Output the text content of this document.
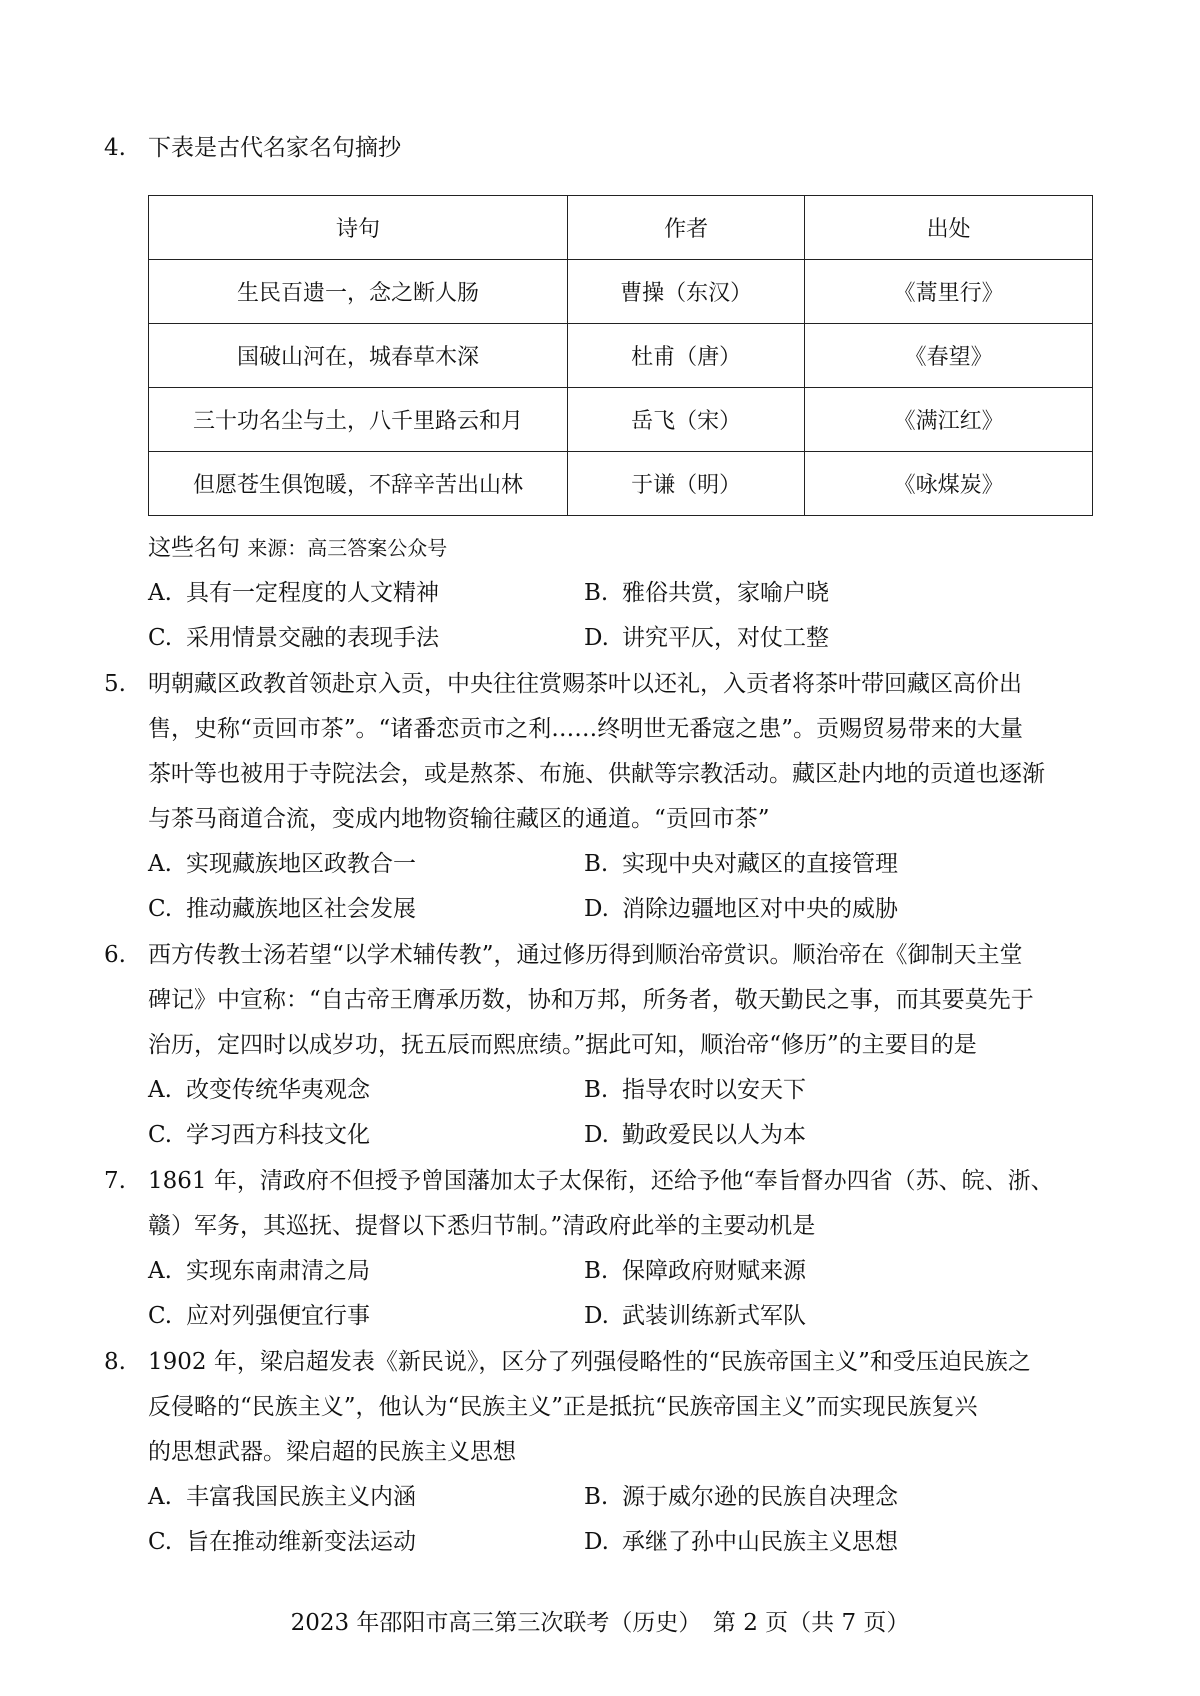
4. 下表是古代名家名句摘抄
诗句	作者	出处
生民百遗一，念之断人肠	曹操（东汉）	《蒿里行》
国破山河在，城春草木深	杜甫（唐）	《春望》
三十功名尘与土，八千里路云和月	岳飞（宋）	《满江红》
但愿苍生俱饱暖，不辞辛苦出山林	于谦（明）	《咏煤炭》
这些名句 来源：高三答案公众号
A. 具有一定程度的人文精神	B. 雅俗共赏，家喻户晓
C. 采用情景交融的表现手法	D. 讲究平仄，对仗工整
5. 明朝藏区政教首领赴京入贡，中央往往赏赐茶叶以还礼，入贡者将茶叶带回藏区高价出
售，史称“贡回市茶”。“诸番恋贡市之利……终明世无番寇之患”。贡赐贸易带来的大量
茶叶等也被用于寺院法会，或是熬茶、布施、供献等宗教活动。藏区赴内地的贡道也逐渐
与茶马商道合流，变成内地物资输往藏区的通道。“贡回市茶”
A. 实现藏族地区政教合一	B. 实现中央对藏区的直接管理
C. 推动藏族地区社会发展	D. 消除边疆地区对中央的威胁
6. 西方传教士汤若望“以学术辅传教”，通过修历得到顺治帝赏识。顺治帝在《御制天主堂
碑记》中宣称：“自古帝王膺承历数，协和万邦，所务者，敬天勤民之事，而其要莫先于
治历，定四时以成岁功，抚五辰而熙庶绩。”据此可知，顺治帝“修历”的主要目的是
A. 改变传统华夷观念	B. 指导农时以安天下
C. 学习西方科技文化	D. 勤政爱民以人为本
7. 1861 年，清政府不但授予曾国藩加太子太保衔，还给予他“奉旨督办四省（苏、皖、浙、
赣）军务，其巡抚、提督以下悉归节制。”清政府此举的主要动机是
A. 实现东南肃清之局	B. 保障政府财赋来源
C. 应对列强便宜行事	D. 武装训练新式军队
8. 1902 年，梁启超发表《新民说》，区分了列强侵略性的“民族帝国主义”和受压迫民族之
反侵略的“民族主义”，他认为“民族主义”正是抵抗“民族帝国主义”而实现民族复兴
的思想武器。梁启超的民族主义思想
A. 丰富我国民族主义内涵	B. 源于威尔逊的民族自决理念
C. 旨在推动维新变法运动	D. 承继了孙中山民族主义思想
2023 年邵阳市高三第三次联考（历史）　第 2 页（共 7 页）
